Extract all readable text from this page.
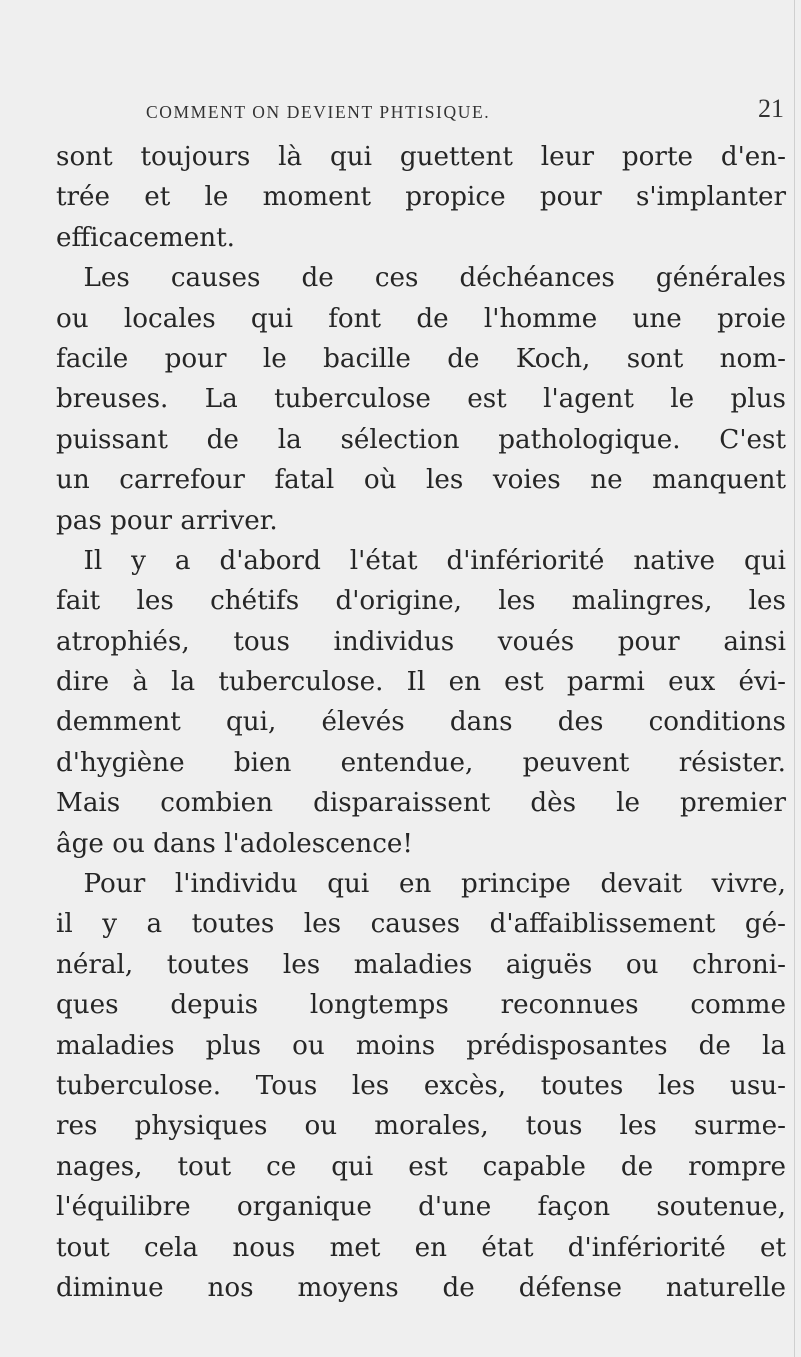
COMMENT ON DEVIENT PHTISIQUE.	21
sont toujours là qui guettent leur porte d'en-
trée et le moment propice pour s'implanter
efficacement.
Les causes de ces déchéances générales
ou locales qui font de l'homme une proie
facile pour le bacille de Koch, sont nom-
breuses. La tuberculose est l'agent le plus
puissant de la sélection pathologique. C'est
un carrefour fatal où les voies ne manquent
pas pour arriver.
Il y a d'abord l'état d'infériorité native qui
fait les chétifs d'origine, les malingres, les
atrophiés, tous individus voués pour ainsi
dire à la tuberculose. Il en est parmi eux évi-
demment qui, élevés dans des conditions
d'hygiène bien entendue, peuvent résister.
Mais combien disparaissent dès le premier
âge ou dans l'adolescence!
Pour l'individu qui en principe devait vivre,
il y a toutes les causes d'affaiblissement gé-
néral, toutes les maladies aiguës ou chroni-
ques depuis longtemps reconnues comme
maladies plus ou moins prédisposantes de la
tuberculose. Tous les excès, toutes les usu-
res physiques ou morales, tous les surme-
nages, tout ce qui est capable de rompre
l'équilibre organique d'une façon soutenue,
tout cela nous met en état d'infériorité et
diminue nos moyens de défense naturelle
